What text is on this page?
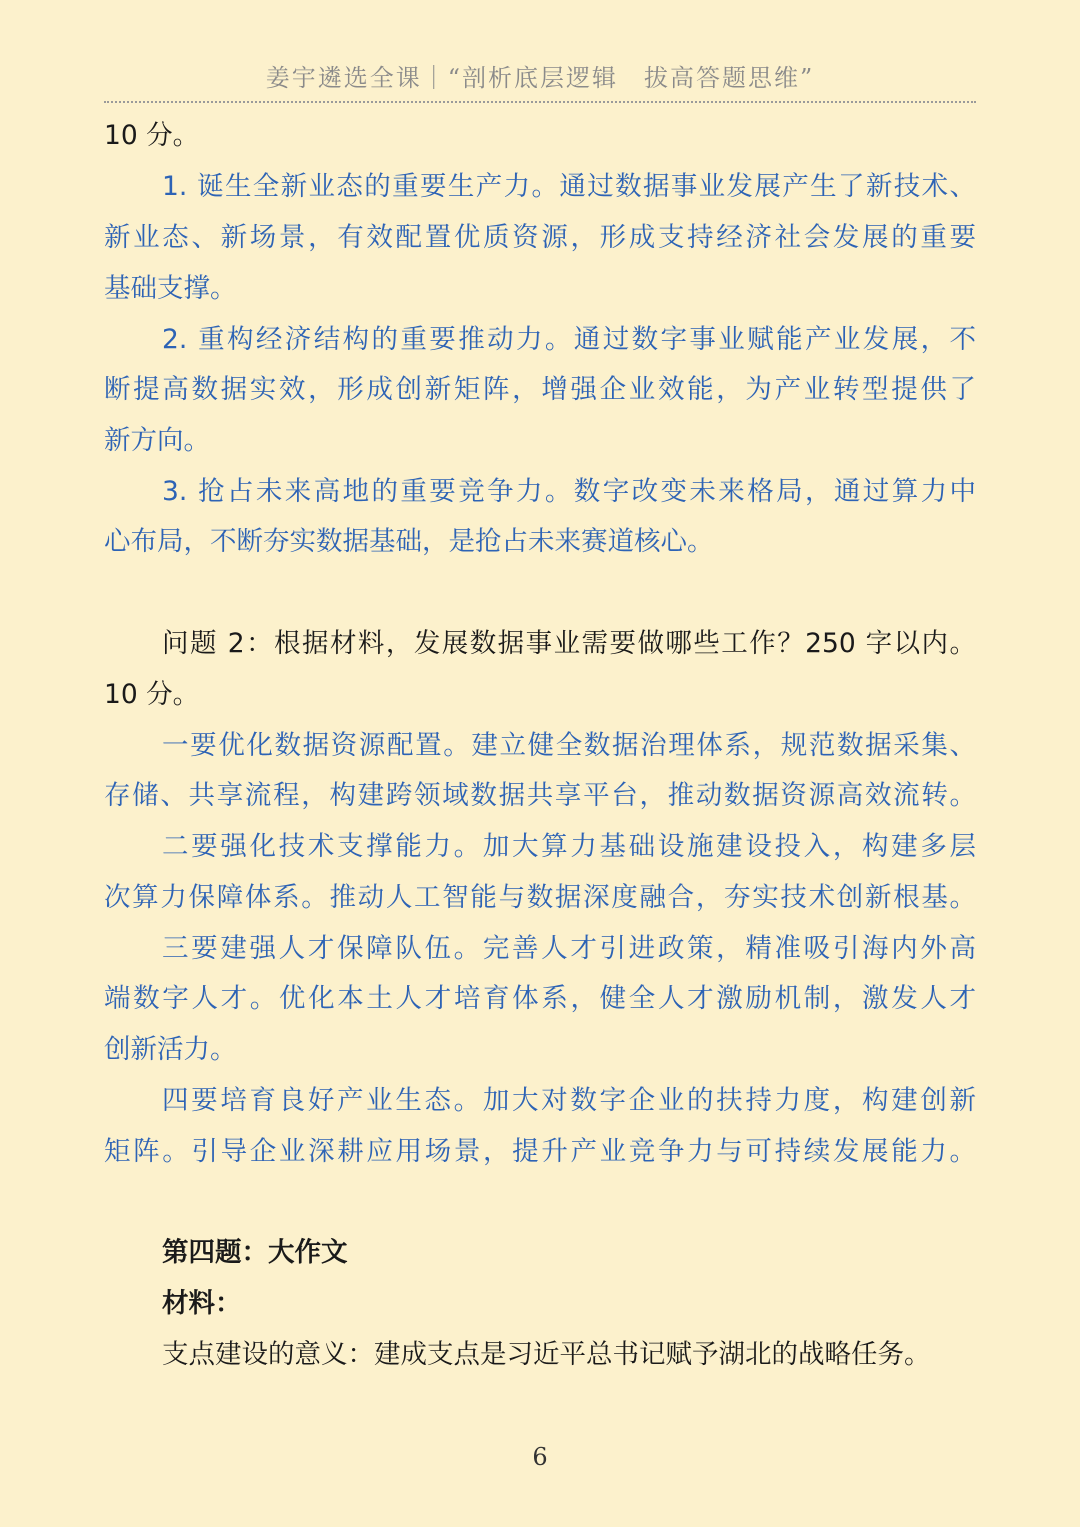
姜宇遴选全课｜“剖析底层逻辑　拔高答题思维”
10 分。
1. 诞生全新业态的重要生产力。通过数据事业发展产生了新技术、
新业态、新场景，有效配置优质资源，形成支持经济社会发展的重要
基础支撑。
2. 重构经济结构的重要推动力。通过数字事业赋能产业发展，不
断提高数据实效，形成创新矩阵，增强企业效能，为产业转型提供了
新方向。
3. 抢占未来高地的重要竞争力。数字改变未来格局，通过算力中
心布局，不断夯实数据基础，是抢占未来赛道核心。
问题 2：根据材料，发展数据事业需要做哪些工作？250 字以内。
10 分。
一要优化数据资源配置。建立健全数据治理体系，规范数据采集、
存储、共享流程，构建跨领域数据共享平台，推动数据资源高效流转。
二要强化技术支撑能力。加大算力基础设施建设投入，构建多层
次算力保障体系。推动人工智能与数据深度融合，夯实技术创新根基。
三要建强人才保障队伍。完善人才引进政策，精准吸引海内外高
端数字人才。优化本土人才培育体系，健全人才激励机制，激发人才
创新活力。
四要培育良好产业生态。加大对数字企业的扶持力度，构建创新
矩阵。引导企业深耕应用场景，提升产业竞争力与可持续发展能力。
第四题：大作文
材料：
支点建设的意义：建成支点是习近平总书记赋予湖北的战略任务。
6
